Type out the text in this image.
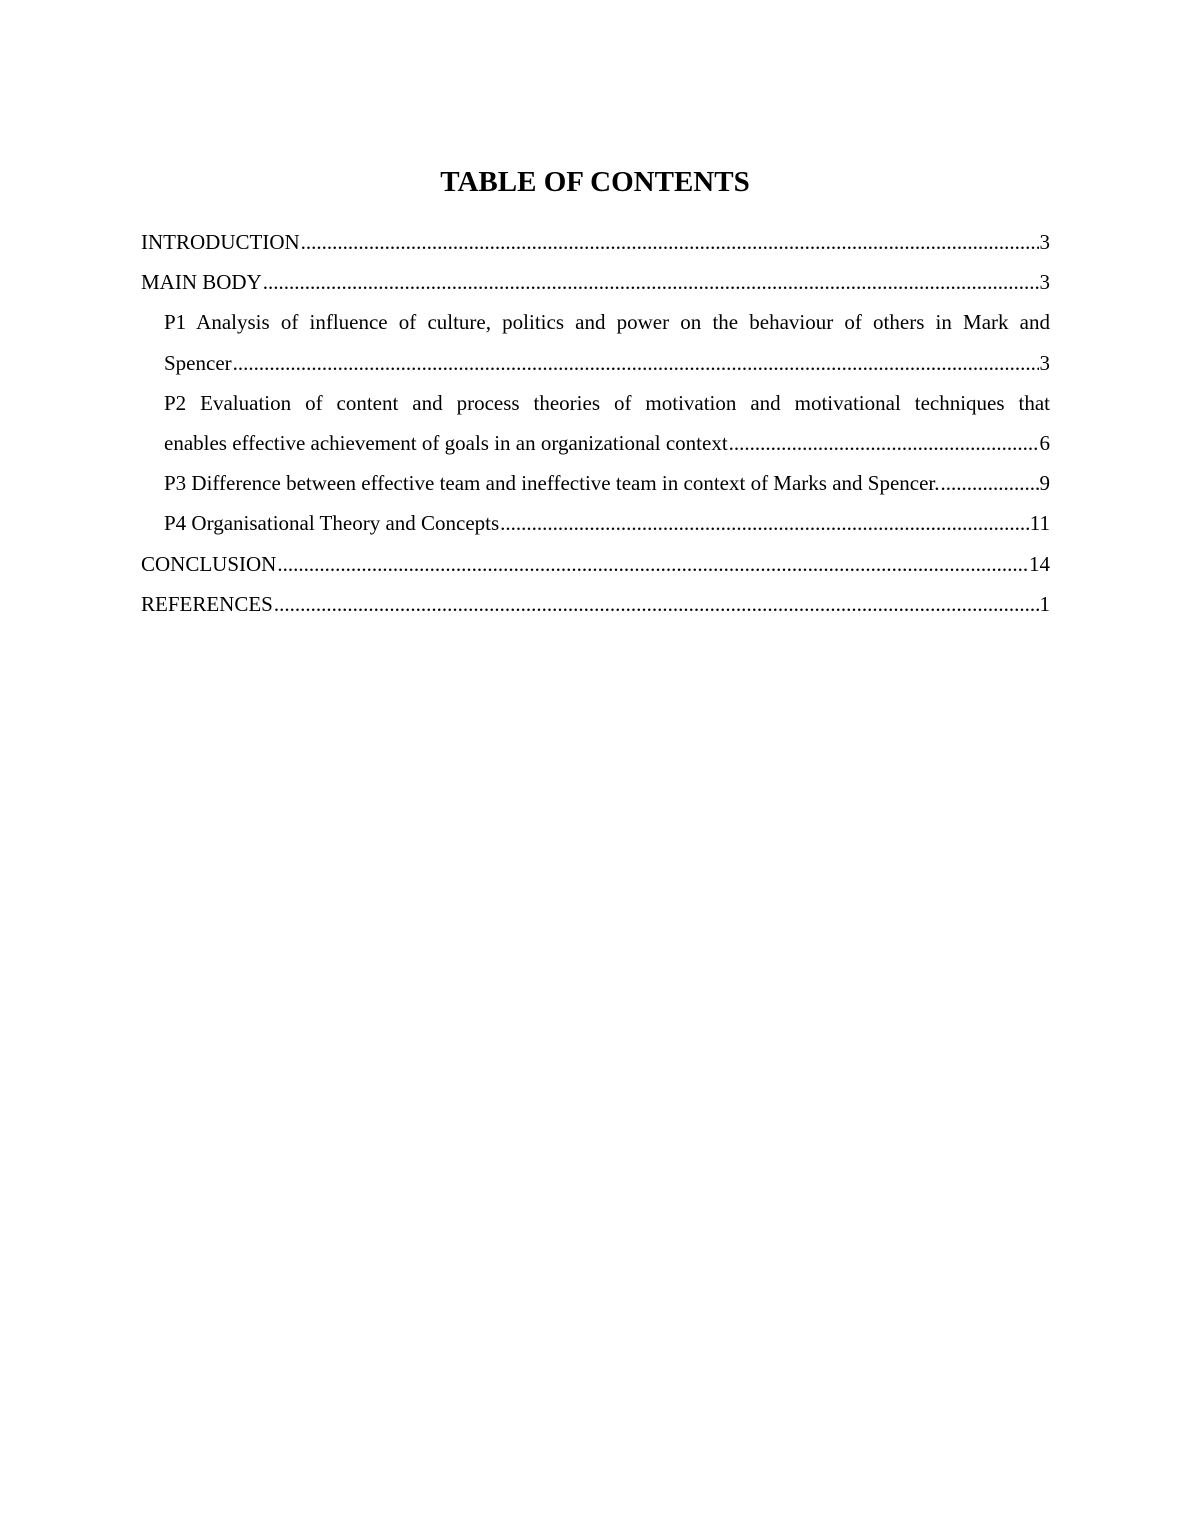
TABLE OF CONTENTS
INTRODUCTION .....	3
MAIN BODY .....	3
P1 Analysis of influence of culture, politics and power on the behaviour of others in Mark and
Spencer .....	3
P2 Evaluation of content and process theories of motivation and motivational techniques that
enables effective achievement of goals in an organizational context .....	6
P3 Difference between effective team and ineffective team in context of Marks and Spencer. .....	9
P4 Organisational Theory and Concepts .....	11
CONCLUSION .....	14
REFERENCES .....	1
